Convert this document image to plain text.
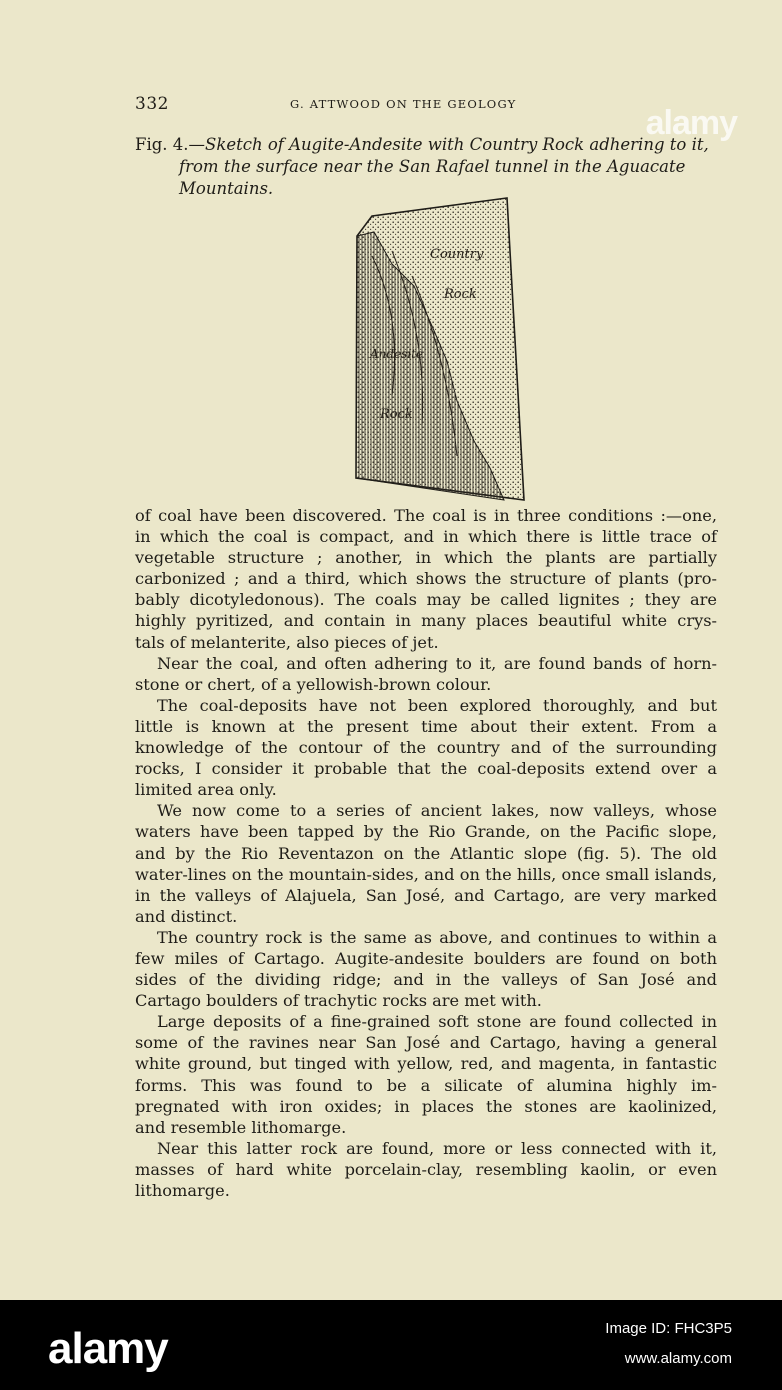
332	G. ATTWOOD ON THE GEOLOGY
Fig. 4.—Sketch of Augite-Andesite with Country Rock adhering to it,
from the surface near the San Rafael tunnel in the Aguacate
Mountains.
Country
Rock
Andesite
Rock
of coal have been discovered. The coal is in three conditions :—one,
in which the coal is compact, and in which there is little trace of
vegetable structure ; another, in which the plants are partially
carbonized ; and a third, which shows the structure of plants (pro-
bably dicotyledonous). The coals may be called lignites ; they are
highly pyritized, and contain in many places beautiful white crys-
tals of melanterite, also pieces of jet.
Near the coal, and often adhering to it, are found bands of horn-
stone or chert, of a yellowish-brown colour.
The coal-deposits have not been explored thoroughly, and but
little is known at the present time about their extent. From a
knowledge of the contour of the country and of the surrounding
rocks, I consider it probable that the coal-deposits extend over a
limited area only.
We now come to a series of ancient lakes, now valleys, whose
waters have been tapped by the Rio Grande, on the Pacific slope,
and by the Rio Reventazon on the Atlantic slope (fig. 5). The old
water-lines on the mountain-sides, and on the hills, once small islands,
in the valleys of Alajuela, San José, and Cartago, are very marked
and distinct.
The country rock is the same as above, and continues to within a
few miles of Cartago. Augite-andesite boulders are found on both
sides of the dividing ridge; and in the valleys of San José and
Cartago boulders of trachytic rocks are met with.
Large deposits of a fine-grained soft stone are found collected in
some of the ravines near San José and Cartago, having a general
white ground, but tinged with yellow, red, and magenta, in fantastic
forms. This was found to be a silicate of alumina highly im-
pregnated with iron oxides; in places the stones are kaolinized,
and resemble lithomarge.
Near this latter rock are found, more or less connected with it,
masses of hard white porcelain-clay, resembling kaolin, or even
lithomarge.
alamy
alamy	Image ID: FHC3P5
www.alamy.com
